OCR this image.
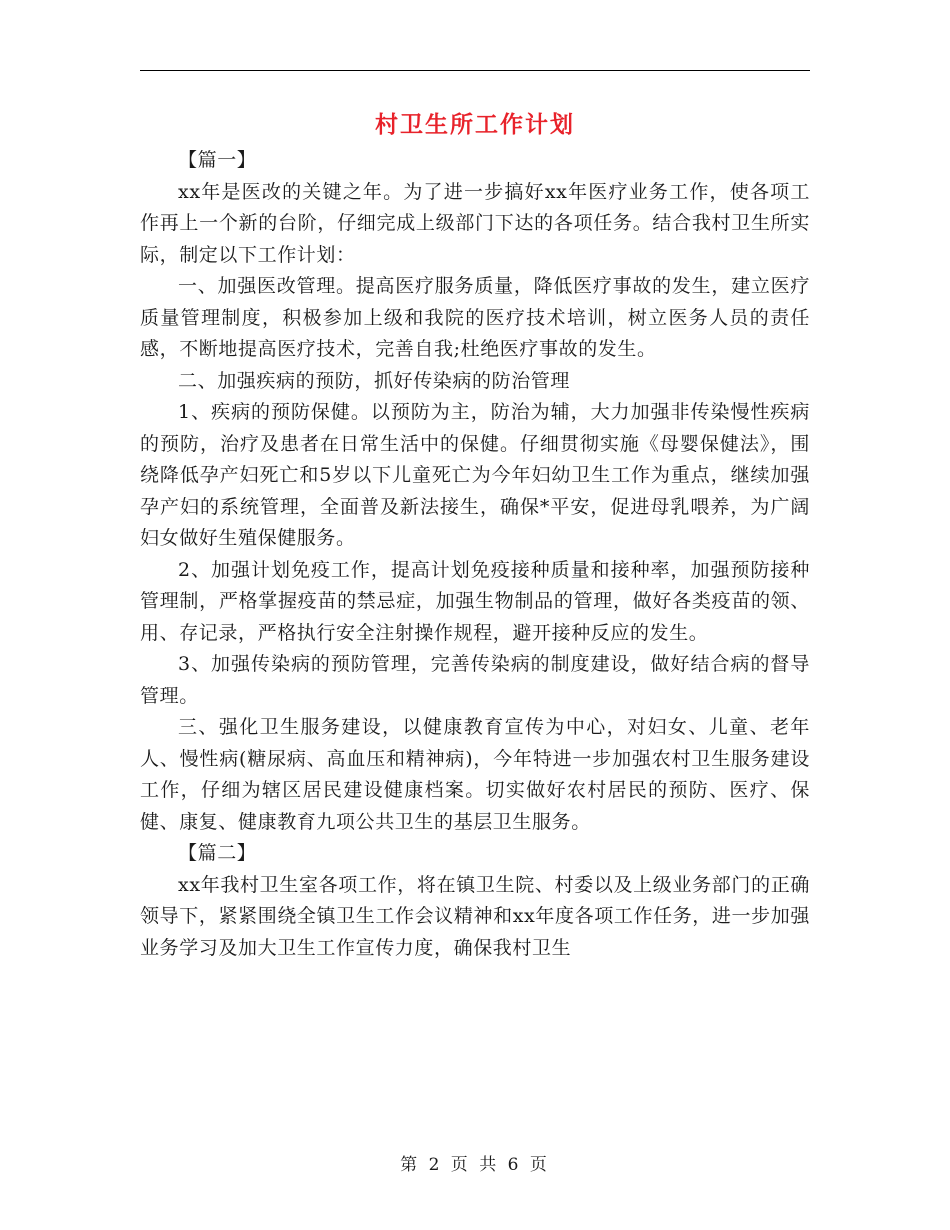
村卫生所工作计划

【篇一】

xx年是医改的关键之年。为了进一步搞好xx年医疗业务工作，使各项工作再上一个新的台阶，仔细完成上级部门下达的各项任务。结合我村卫生所实际，制定以下工作计划：

一、加强医改管理。提高医疗服务质量，降低医疗事故的发生，建立医疗质量管理制度，积极参加上级和我院的医疗技术培训，树立医务人员的责任感，不断地提高医疗技术，完善自我;杜绝医疗事故的发生。

二、加强疾病的预防，抓好传染病的防治管理

1、疾病的预防保健。以预防为主，防治为辅，大力加强非传染慢性疾病的预防，治疗及患者在日常生活中的保健。仔细贯彻实施《母婴保健法》，围绕降低孕产妇死亡和5岁以下儿童死亡为今年妇幼卫生工作为重点，继续加强孕产妇的系统管理，全面普及新法接生，确保*平安，促进母乳喂养，为广阔妇女做好生殖保健服务。

2、加强计划免疫工作，提高计划免疫接种质量和接种率，加强预防接种管理制，严格掌握疫苗的禁忌症，加强生物制品的管理，做好各类疫苗的领、用、存记录，严格执行安全注射操作规程，避开接种反应的发生。

3、加强传染病的预防管理，完善传染病的制度建设，做好结合病的督导管理。

三、强化卫生服务建设，以健康教育宣传为中心，对妇女、儿童、老年人、慢性病(糖尿病、高血压和精神病)，今年特进一步加强农村卫生服务建设工作，仔细为辖区居民建设健康档案。切实做好农村居民的预防、医疗、保健、康复、健康教育九项公共卫生的基层卫生服务。

【篇二】

xx年我村卫生室各项工作，将在镇卫生院、村委以及上级业务部门的正确领导下，紧紧围绕全镇卫生工作会议精神和xx年度各项工作任务，进一步加强业务学习及加大卫生工作宣传力度，确保我村卫生

第 2 页 共 6 页
